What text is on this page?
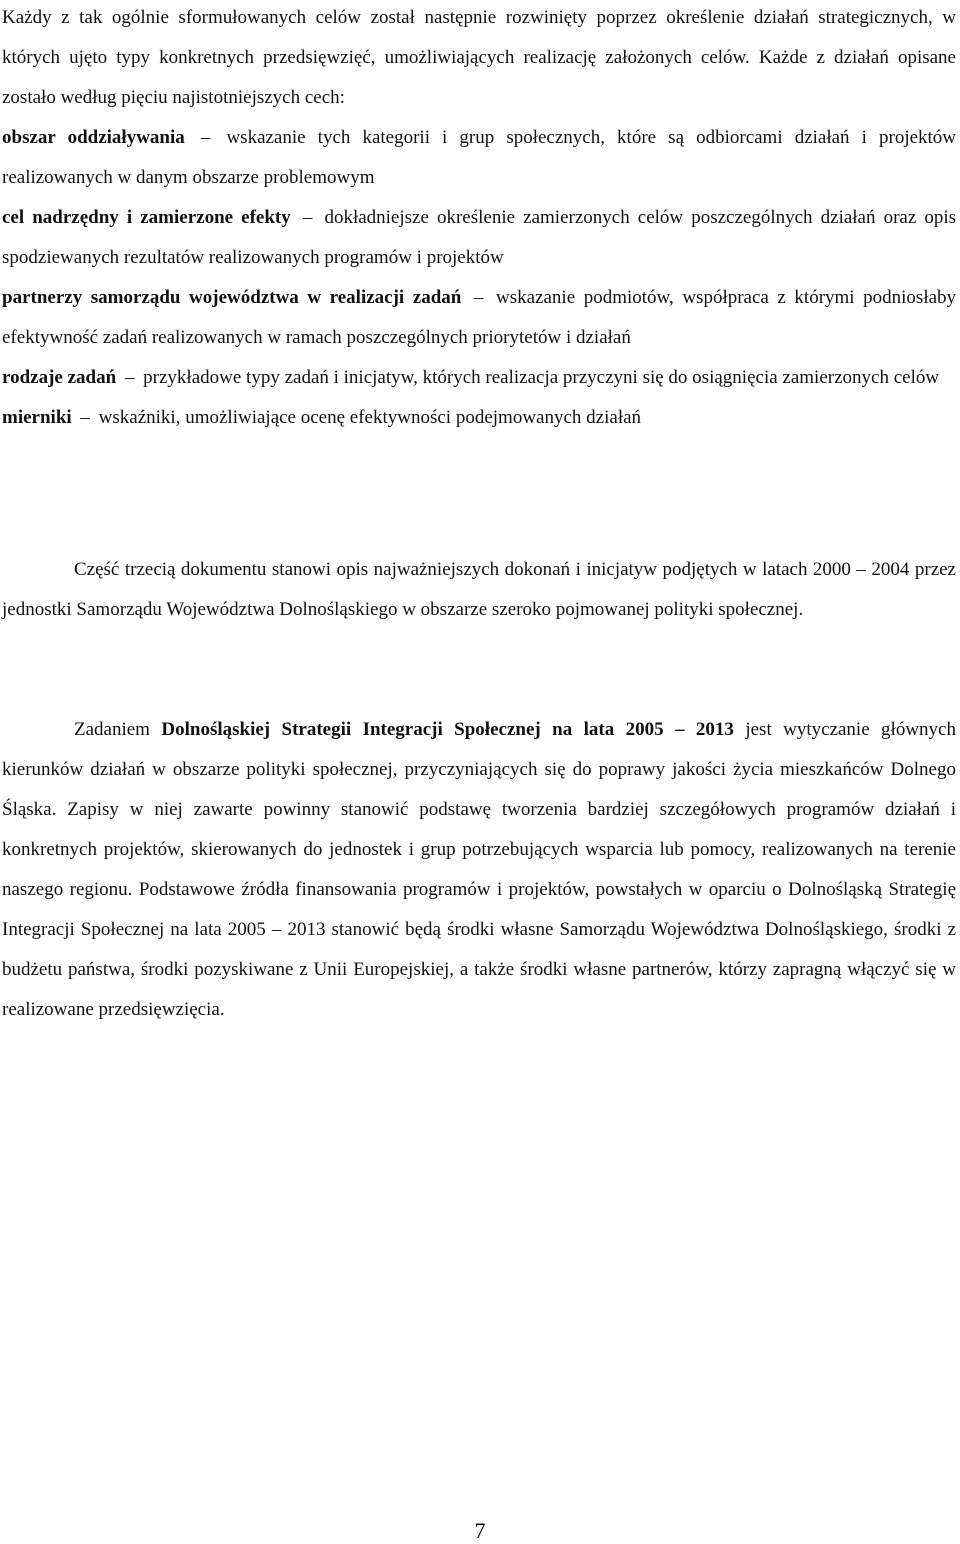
Każdy z tak ogólnie sformułowanych celów został następnie rozwinięty poprzez określenie działań strategicznych, w których ujęto typy konkretnych przedsięwzięć, umożliwiających realizację założonych celów. Każde z działań opisane zostało według pięciu najistotniejszych cech:
obszar oddziaływania – wskazanie tych kategorii i grup społecznych, które są odbiorcami działań i projektów realizowanych w danym obszarze problemowym
cel nadrzędny i zamierzone efekty – dokładniejsze określenie zamierzonych celów poszczególnych działań oraz opis spodziewanych rezultatów realizowanych programów i projektów
partnerzy samorządu województwa w realizacji zadań – wskazanie podmiotów, współpraca z którymi podniosłaby efektywność zadań realizowanych w ramach poszczególnych priorytetów i działań
rodzaje zadań – przykładowe typy zadań i inicjatyw, których realizacja przyczyni się do osiągnięcia zamierzonych celów
mierniki – wskaźniki, umożliwiające ocenę efektywności podejmowanych działań
Część trzecią dokumentu stanowi opis najważniejszych dokonań i inicjatyw podjętych w latach 2000 – 2004 przez jednostki Samorządu Województwa Dolnośląskiego w obszarze szeroko pojmowanej polityki społecznej.
Zadaniem Dolnośląskiej Strategii Integracji Społecznej na lata 2005 – 2013 jest wytyczanie głównych kierunków działań w obszarze polityki społecznej, przyczyniających się do poprawy jakości życia mieszkańców Dolnego Śląska. Zapisy w niej zawarte powinny stanowić podstawę tworzenia bardziej szczegółowych programów działań i konkretnych projektów, skierowanych do jednostek i grup potrzebujących wsparcia lub pomocy, realizowanych na terenie naszego regionu. Podstawowe źródła finansowania programów i projektów, powstałych w oparciu o Dolnośląską Strategię Integracji Społecznej na lata 2005 – 2013 stanowić będą środki własne Samorządu Województwa Dolnośląskiego, środki z budżetu państwa, środki pozyskiwane z Unii Europejskiej, a także środki własne partnerów, którzy zapragną włączyć się w realizowane przedsięwzięcia.
7
